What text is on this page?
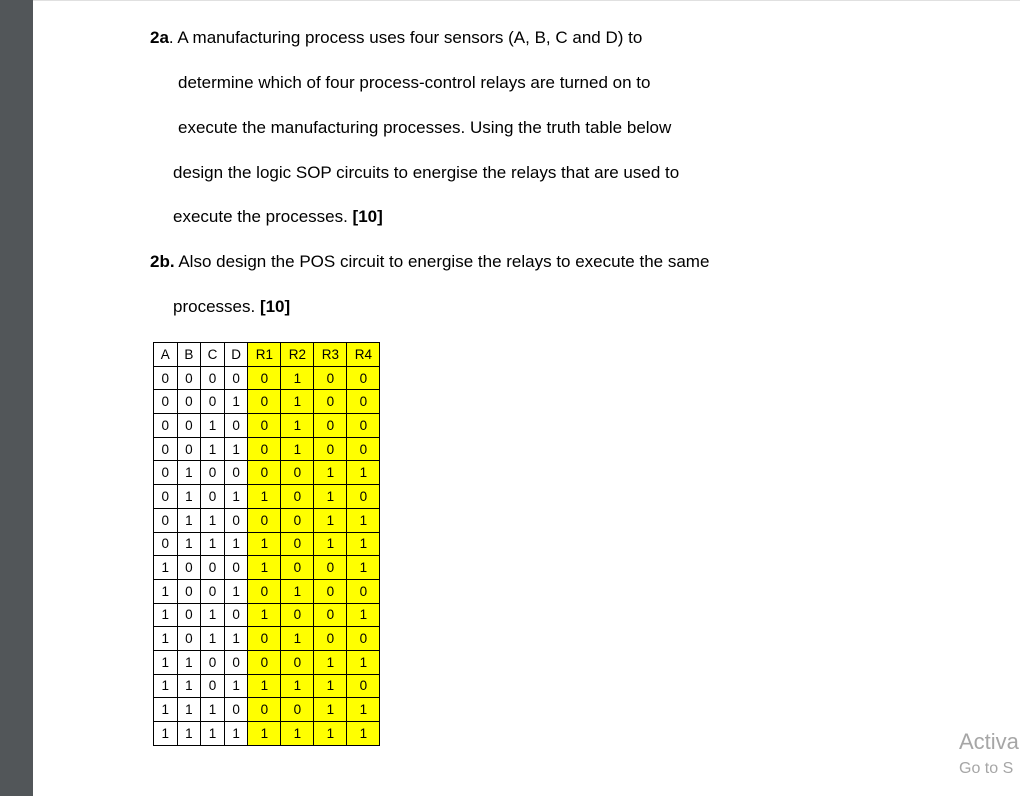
2a. A manufacturing process uses four sensors (A, B, C and D) to
determine which of four process-control relays are turned on to
execute the manufacturing processes. Using the truth table below
design the logic SOP circuits to energise the relays that are used to
execute the processes. [10]
2b. Also design the POS circuit to energise the relays to execute the same
processes. [10]
A	B	C	D	R1	R2	R3	R4
0	0	0	0	0	1	0	0
0	0	0	1	0	1	0	0
0	0	1	0	0	1	0	0
0	0	1	1	0	1	0	0
0	1	0	0	0	0	1	1
0	1	0	1	1	0	1	0
0	1	1	0	0	0	1	1
0	1	1	1	1	0	1	1
1	0	0	0	1	0	0	1
1	0	0	1	0	1	0	0
1	0	1	0	1	0	0	1
1	0	1	1	0	1	0	0
1	1	0	0	0	0	1	1
1	1	0	1	1	1	1	0
1	1	1	0	0	0	1	1
1	1	1	1	1	1	1	1	Activa
Go to S
